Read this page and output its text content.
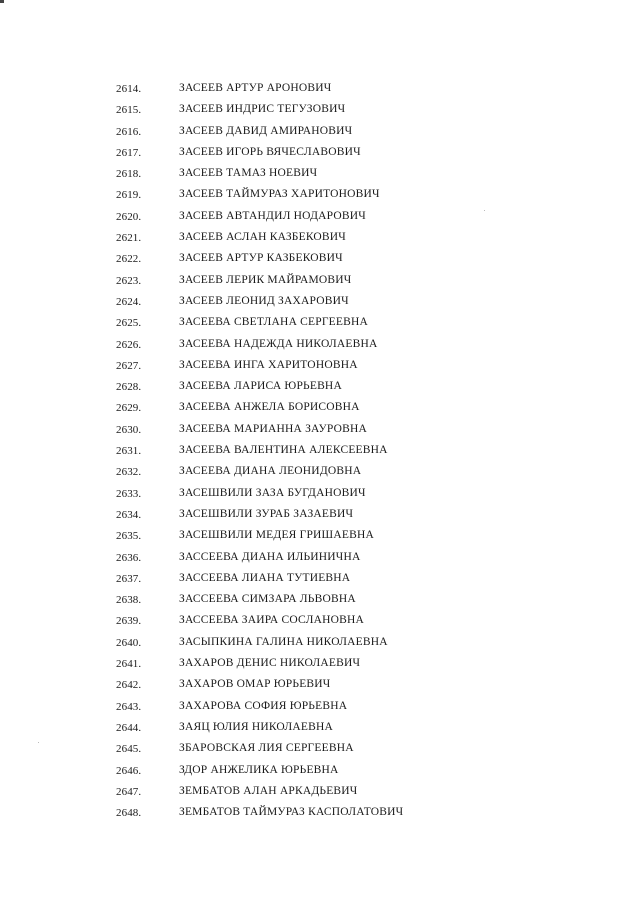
2614.	ЗАСЕЕВ АРТУР АРОНОВИЧ
2615.	ЗАСЕЕВ ИНДРИС ТЕГУЗОВИЧ
2616.	ЗАСЕЕВ ДАВИД АМИРАНОВИЧ
2617.	ЗАСЕЕВ ИГОРЬ ВЯЧЕСЛАВОВИЧ
2618.	ЗАСЕЕВ ТАМАЗ НОЕВИЧ
2619.	ЗАСЕЕВ ТАЙМУРАЗ ХАРИТОНОВИЧ
2620.	ЗАСЕЕВ АВТАНДИЛ НОДАРОВИЧ
2621.	ЗАСЕЕВ АСЛАН КАЗБЕКОВИЧ
2622.	ЗАСЕЕВ АРТУР КАЗБЕКОВИЧ
2623.	ЗАСЕЕВ ЛЕРИК МАЙРАМОВИЧ
2624.	ЗАСЕЕВ ЛЕОНИД ЗАХАРОВИЧ
2625.	ЗАСЕЕВА СВЕТЛАНА СЕРГЕЕВНА
2626.	ЗАСЕЕВА НАДЕЖДА НИКОЛАЕВНА
2627.	ЗАСЕЕВА ИНГА ХАРИТОНОВНА
2628.	ЗАСЕЕВА ЛАРИСА ЮРЬЕВНА
2629.	ЗАСЕЕВА АНЖЕЛА БОРИСОВНА
2630.	ЗАСЕЕВА МАРИАННА ЗАУРОВНА
2631.	ЗАСЕЕВА ВАЛЕНТИНА АЛЕКСЕЕВНА
2632.	ЗАСЕЕВА ДИАНА ЛЕОНИДОВНА
2633.	ЗАСЕШВИЛИ ЗАЗА БУГДАНОВИЧ
2634.	ЗАСЕШВИЛИ ЗУРАБ ЗАЗАЕВИЧ
2635.	ЗАСЕШВИЛИ МЕДЕЯ ГРИШАЕВНА
2636.	ЗАССЕЕВА ДИАНА ИЛЬИНИЧНА
2637.	ЗАССЕЕВА ЛИАНА ТУТИЕВНА
2638.	ЗАССЕЕВА СИМЗАРА ЛЬВОВНА
2639.	ЗАССЕЕВА ЗАИРА СОСЛАНОВНА
2640.	ЗАСЫПКИНА ГАЛИНА НИКОЛАЕВНА
2641.	ЗАХАРОВ ДЕНИС НИКОЛАЕВИЧ
2642.	ЗАХАРОВ ОМАР ЮРЬЕВИЧ
2643.	ЗАХАРОВА СОФИЯ ЮРЬЕВНА
2644.	ЗАЯЦ ЮЛИЯ НИКОЛАЕВНА
2645.	ЗБАРОВСКАЯ ЛИЯ СЕРГЕЕВНА
2646.	ЗДОР АНЖЕЛИКА ЮРЬЕВНА
2647.	ЗЕМБАТОВ АЛАН АРКАДЬЕВИЧ
2648.	ЗЕМБАТОВ ТАЙМУРАЗ КАСПОЛАТОВИЧ
